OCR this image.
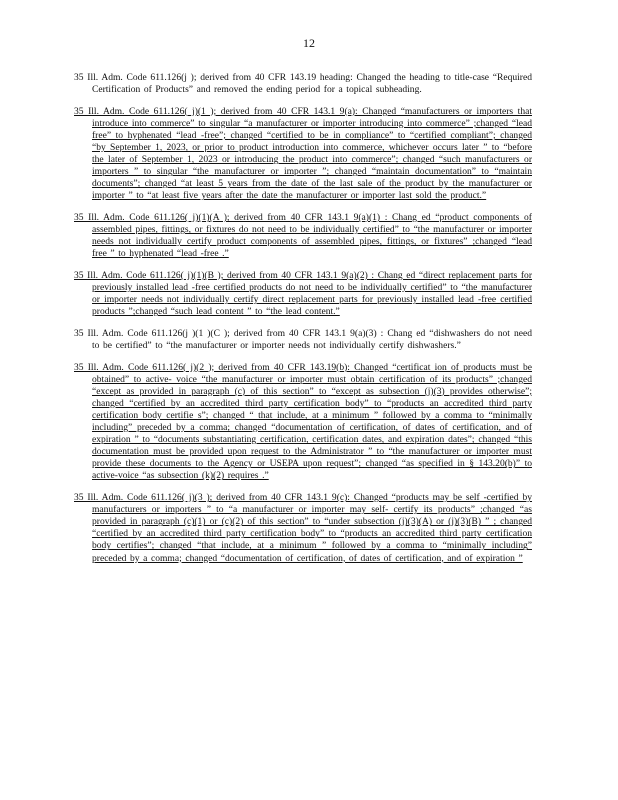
12

35 Ill. Adm. Code 611.126(j ); derived from 40 CFR 143.19 heading: Changed the heading to title-case “Required Certification of Products” and removed the ending period for a topical subheading.

35 Ill. Adm. Code 611.126( j)(1 ); derived from 40 CFR 143.1 9(a): Changed “manufacturers or importers that introduce into commerce” to singular “a manufacturer or importer introducing into commerce” ;changed “lead free” to hyphenated “lead -free”; changed “certified to be in compliance” to “certified compliant”; changed “by September 1, 2023, or prior to product introduction into commerce, whichever occurs later ” to “before the later of September 1, 2023 or introducing the product into commerce”; changed “such manufacturers or importers ” to singular “the manufacturer or importer ”; changed “maintain documentation” to “maintain documents”; changed “at least 5 years from the date of the last sale of the product by the manufacturer or importer ” to “at least five years after the date the manufacturer or importer last sold the product.”

35 Ill. Adm. Code 611.126( j)(1)(A ); derived from 40 CFR 143.1 9(a)(1) : Chang ed “product components of assembled pipes, fittings, or fixtures do not need to be individually certified” to “the manufacturer or importer needs not individually certify product components of assembled pipes, fittings, or fixtures” ;changed “lead free ” to hyphenated “lead -free .”

35 Ill. Adm. Code 611.126( j)(1)(B ); derived from 40 CFR 143.1 9(a)(2) : Chang ed “direct replacement parts for previously installed lead -free certified products do not need to be individually certified” to “the manufacturer or importer needs not individually certify direct replacement parts for previously installed lead -free certified products ”;changed “such lead content ” to “the lead content.”

35 Ill. Adm. Code 611.126(j )(1 )(C ); derived from 40 CFR 143.1 9(a)(3) : Chang ed “dishwashers do not need to be certified” to “the manufacturer or importer needs not individually certify dishwashers.”

35 Ill. Adm. Code 611.126( j)(2 ); derived from 40 CFR 143.19(b): Changed “certificat ion of products must be obtained” to active- voice “the manufacturer or importer must obtain certification of its products” ;changed “except as provided in paragraph (c) of this section” to “except as subsection (j)(3) provides otherwise”; changed “certified by an accredited third party certification body” to “products an accredited third party certification body certifie s”; changed “ that include, at a minimum ” followed by a comma to “minimally including” preceded by a comma; changed “documentation of certification, of dates of certification, and of expiration ” to “documents substantiating certification, certification dates, and expiration dates”; changed “this documentation must be provided upon request to the Administrator ” to “the manufacturer or importer must provide these documents to the Agency or USEPA upon request”; changed “as specified in § 143.20(b)” to active-voice “as subsection (k)(2) requires .”

35 Ill. Adm. Code 611.126( j)(3 ); derived from 40 CFR 143.1 9(c): Changed “products may be self -certified by manufacturers or importers ” to “a manufacturer or importer may self- certify its products” ;changed “as provided in paragraph (c)(1) or (c)(2) of this section” to “under subsection (j)(3)(A) or (j)(3)(B) ” ; changed “certified by an accredited third party certification body” to “products an accredited third party certification body certifies”; changed “that include, at a minimum ” followed by a comma to “minimally including” preceded by a comma; changed “documentation of certification, of dates of certification, and of expiration ”
